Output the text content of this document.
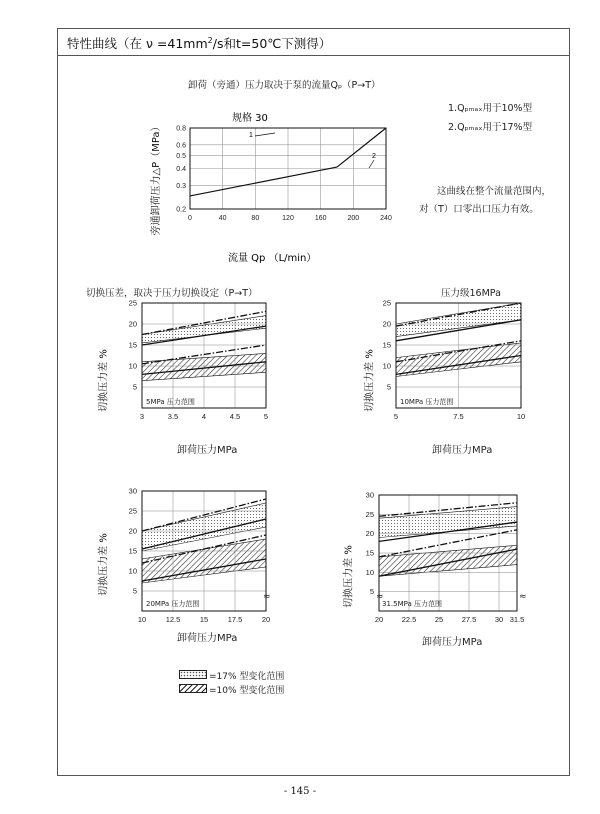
0	40	80	120	160	200	240
0.2
0.3
0.4
0.5
0.6
0.8
1
2
3	3.5	4	4.5	5
5
10
15
20
25
5	7.5	10
5
10
15
20
25
10	12.5	15	17.5	20
5
10
15
20
25
30
20 22.5 25 27.5 30 31.5
5
10
15
20
25
30
特性曲线（在 $\nu =41mm^2/s$和t=50℃下测得）
卸荷（旁通）压力取决于泵的流量Qₚ（P→T）
规格 30
旁通卸荷压力△P（MPa）
流量 Qp （L/min）
1.Qₚₘₐₓ用于10%型
2.Qₚₘₐₓ用于17%型
这曲线在整个流量范围内，
对（T）口零出口压力有效。
切换压差，取决于压力切换设定（P→T）	压力级16MPa
切换压力差 %
卸荷压力MPa
5MPa 压力范围	切换压力差 %
卸荷压力MPa
10MPa 压力范围
切换压力差 %
卸荷压力MPa
20MPa 压力范围
≈	切换压力差 %
卸荷压力MPa
31.5MPa 压力范围
≈	≈
=17% 型变化范围
=10% 型变化范围
- 145 -
